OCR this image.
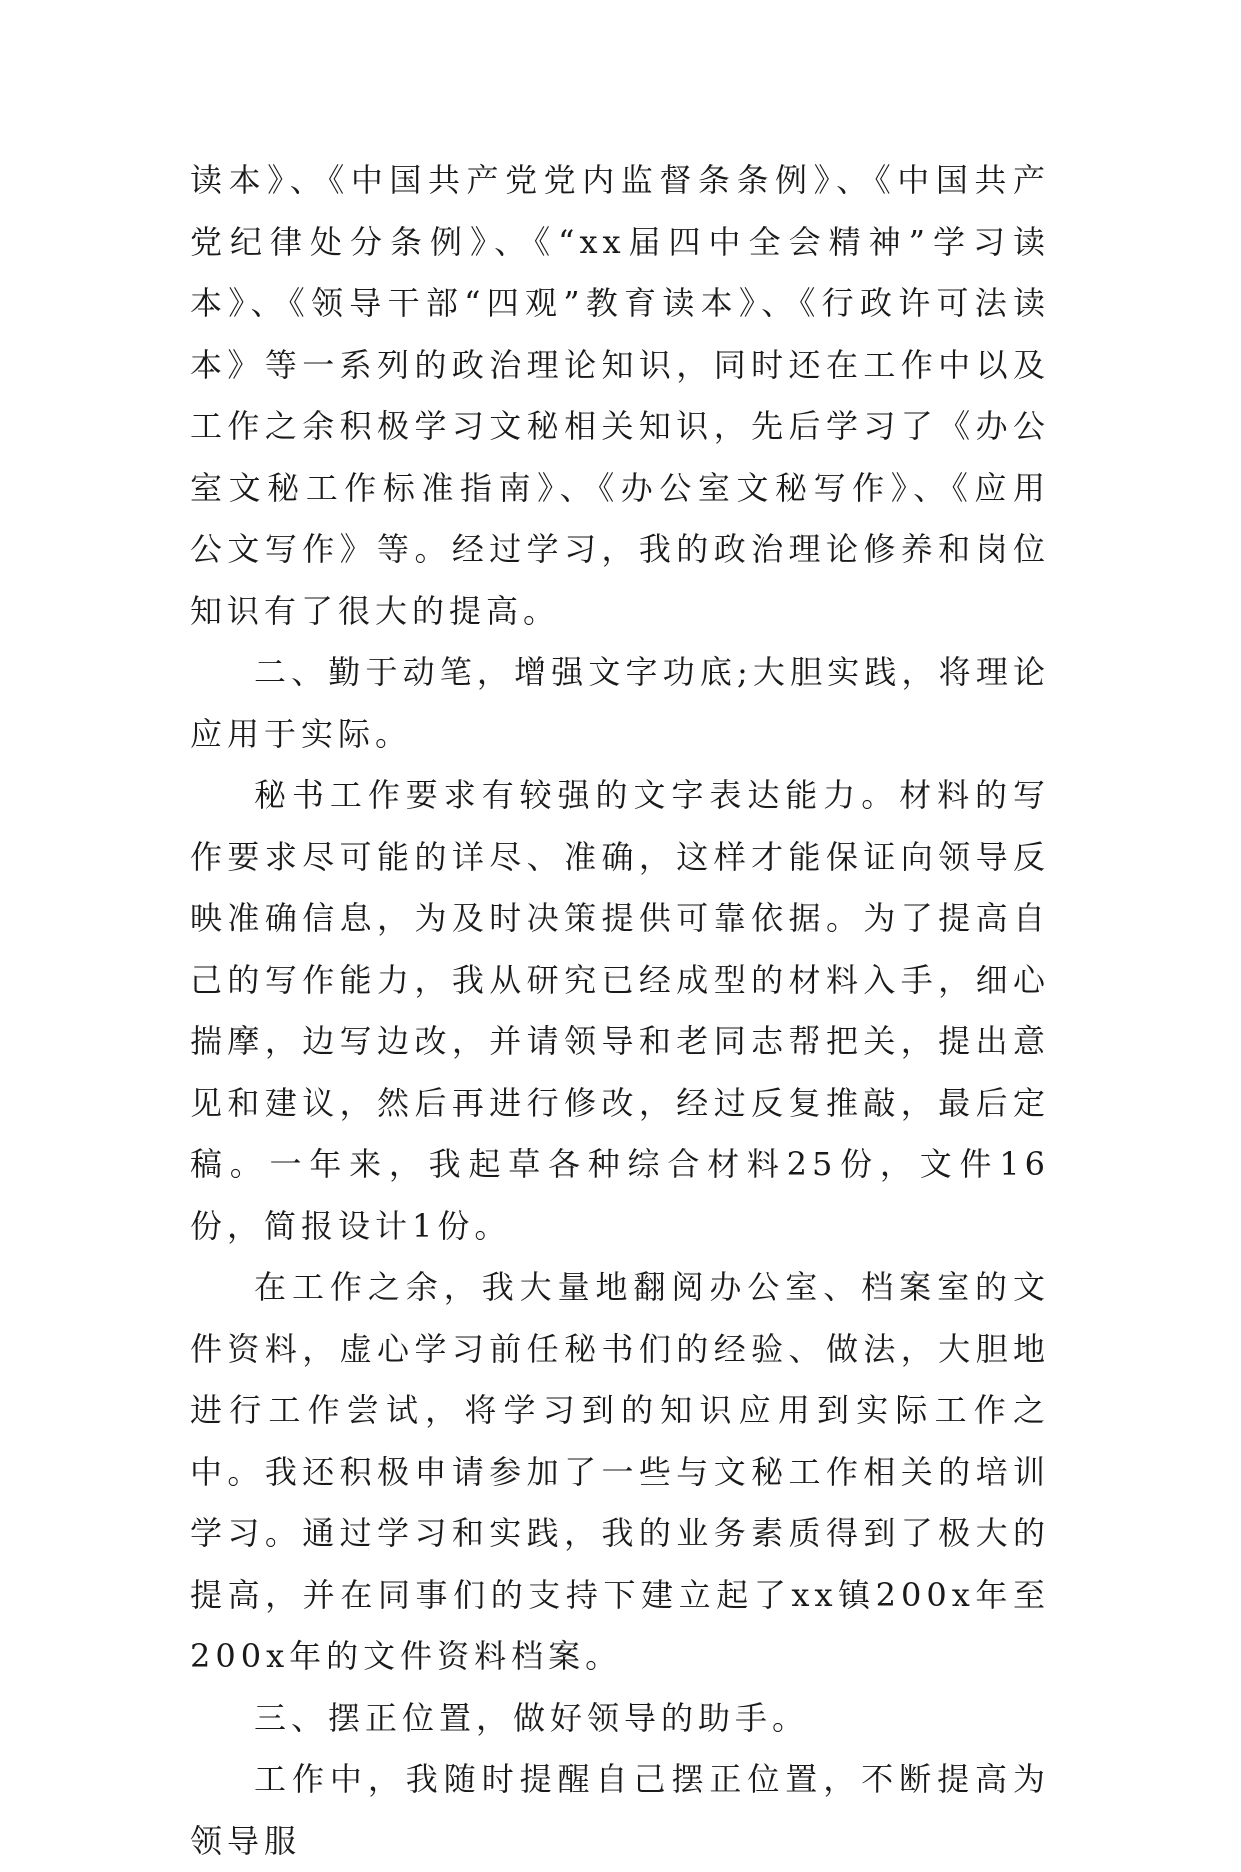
读本》、《中国共产党党内监督条条例》、《中国共产党纪律处分条例》、《“xx届四中全会精神”学习读本》、《领导干部“四观”教育读本》、《行政许可法读本》等一系列的政治理论知识，同时还在工作中以及工作之余积极学习文秘相关知识，先后学习了《办公室文秘工作标准指南》、《办公室文秘写作》、《应用公文写作》等。经过学习，我的政治理论修养和岗位知识有了很大的提高。

二、勤于动笔，增强文字功底;大胆实践，将理论应用于实际。

秘书工作要求有较强的文字表达能力。材料的写作要求尽可能的详尽、准确，这样才能保证向领导反映准确信息，为及时决策提供可靠依据。为了提高自己的写作能力，我从研究已经成型的材料入手，细心揣摩，边写边改，并请领导和老同志帮把关，提出意见和建议，然后再进行修改，经过反复推敲，最后定稿。一年来，我起草各种综合材料25份，文件16份，简报设计1份。

在工作之余，我大量地翻阅办公室、档案室的文件资料，虚心学习前任秘书们的经验、做法，大胆地进行工作尝试，将学习到的知识应用到实际工作之中。我还积极申请参加了一些与文秘工作相关的培训学习。通过学习和实践，我的业务素质得到了极大的提高，并在同事们的支持下建立起了xx镇200x年至200x年的文件资料档案。

三、摆正位置，做好领导的助手。

工作中，我随时提醒自己摆正位置，不断提高为领导服
